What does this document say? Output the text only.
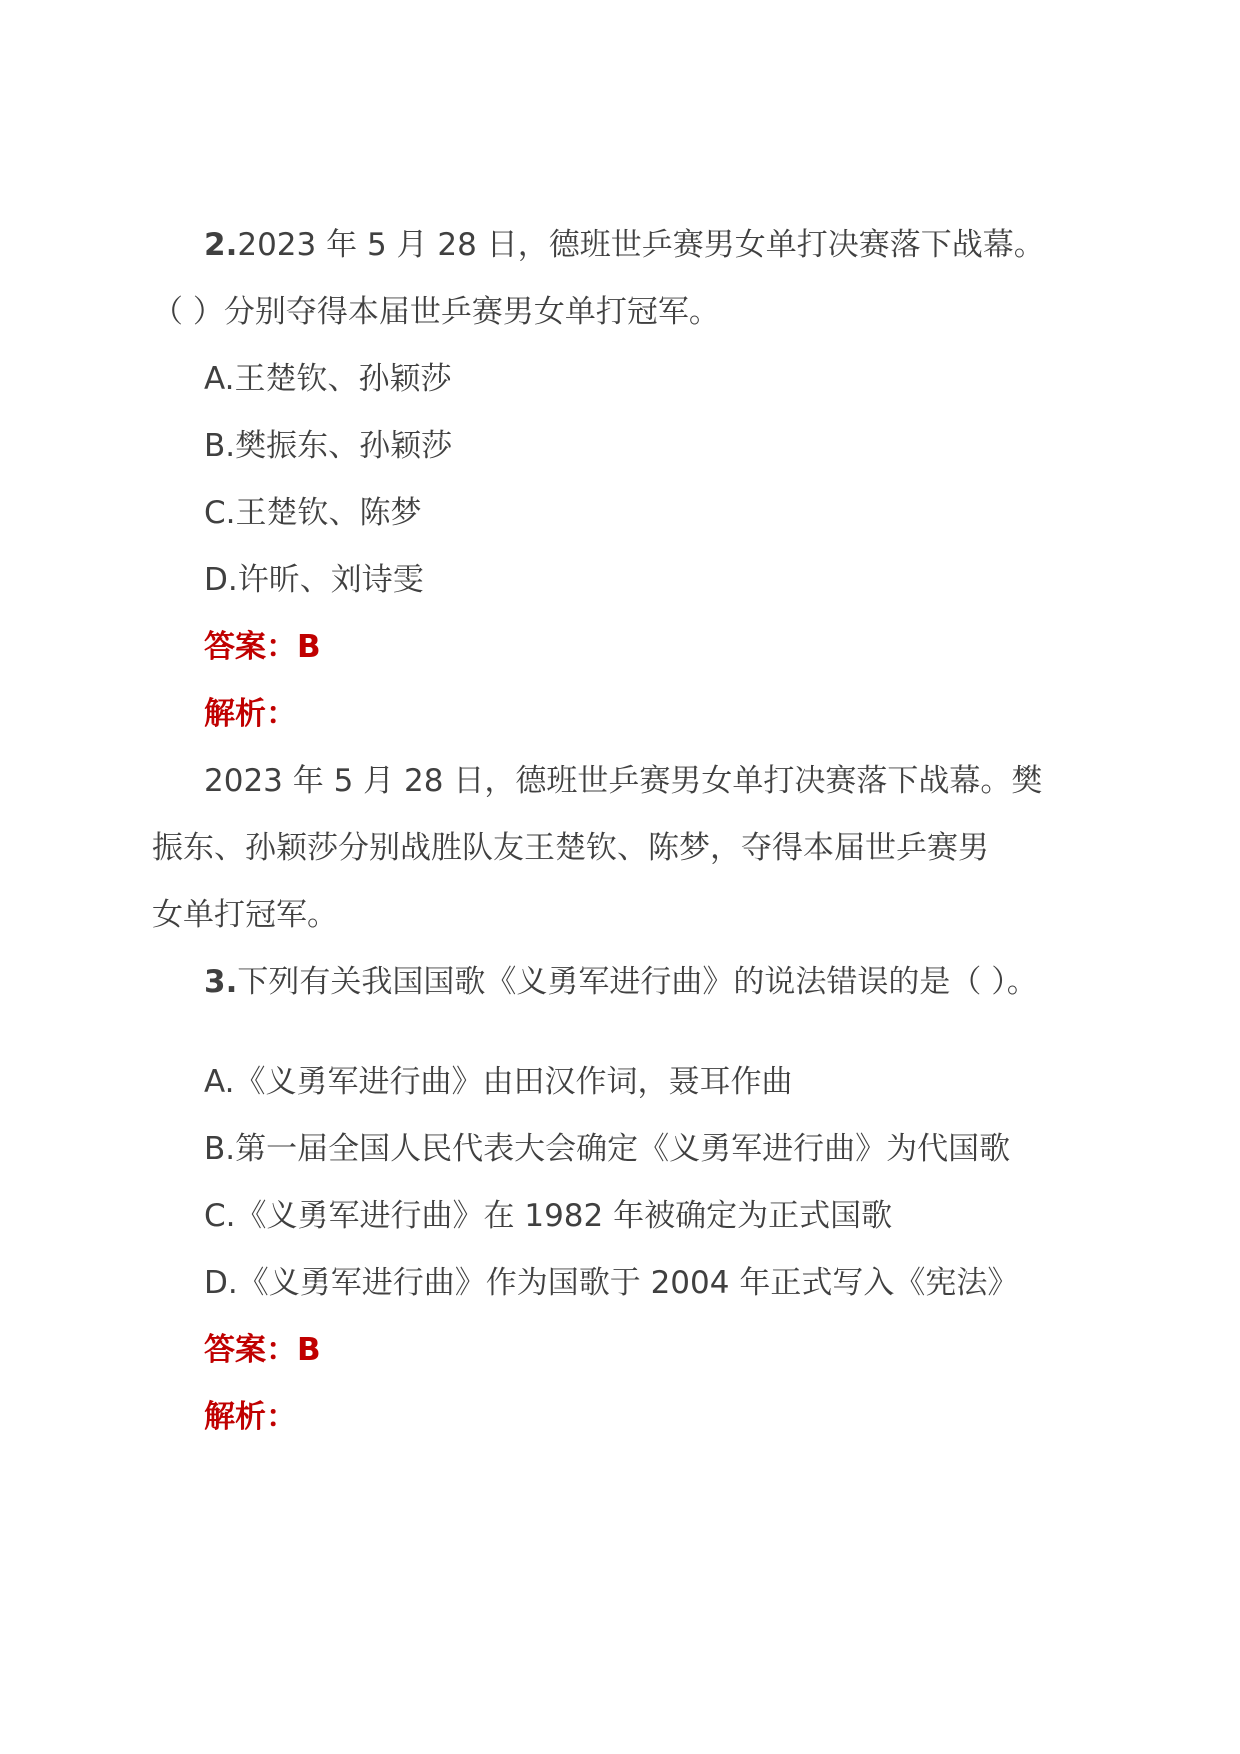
2.2023 年 5 月 28 日，德班世乒赛男女单打决赛落下战幕。

（ ）分别夺得本届世乒赛男女单打冠军。

A.王楚钦、孙颖莎

B.樊振东、孙颖莎

C.王楚钦、陈梦

D.许昕、刘诗雯

答案：B

解析：

2023 年 5 月 28 日，德班世乒赛男女单打决赛落下战幕。樊

振东、孙颖莎分别战胜队友王楚钦、陈梦，夺得本届世乒赛男

女单打冠军。

3.下列有关我国国歌《义勇军进行曲》的说法错误的是（ ）。

A.《义勇军进行曲》由田汉作词，聂耳作曲

B.第一届全国人民代表大会确定《义勇军进行曲》为代国歌

C.《义勇军进行曲》在 1982 年被确定为正式国歌

D.《义勇军进行曲》作为国歌于 2004 年正式写入《宪法》

答案：B

解析：
